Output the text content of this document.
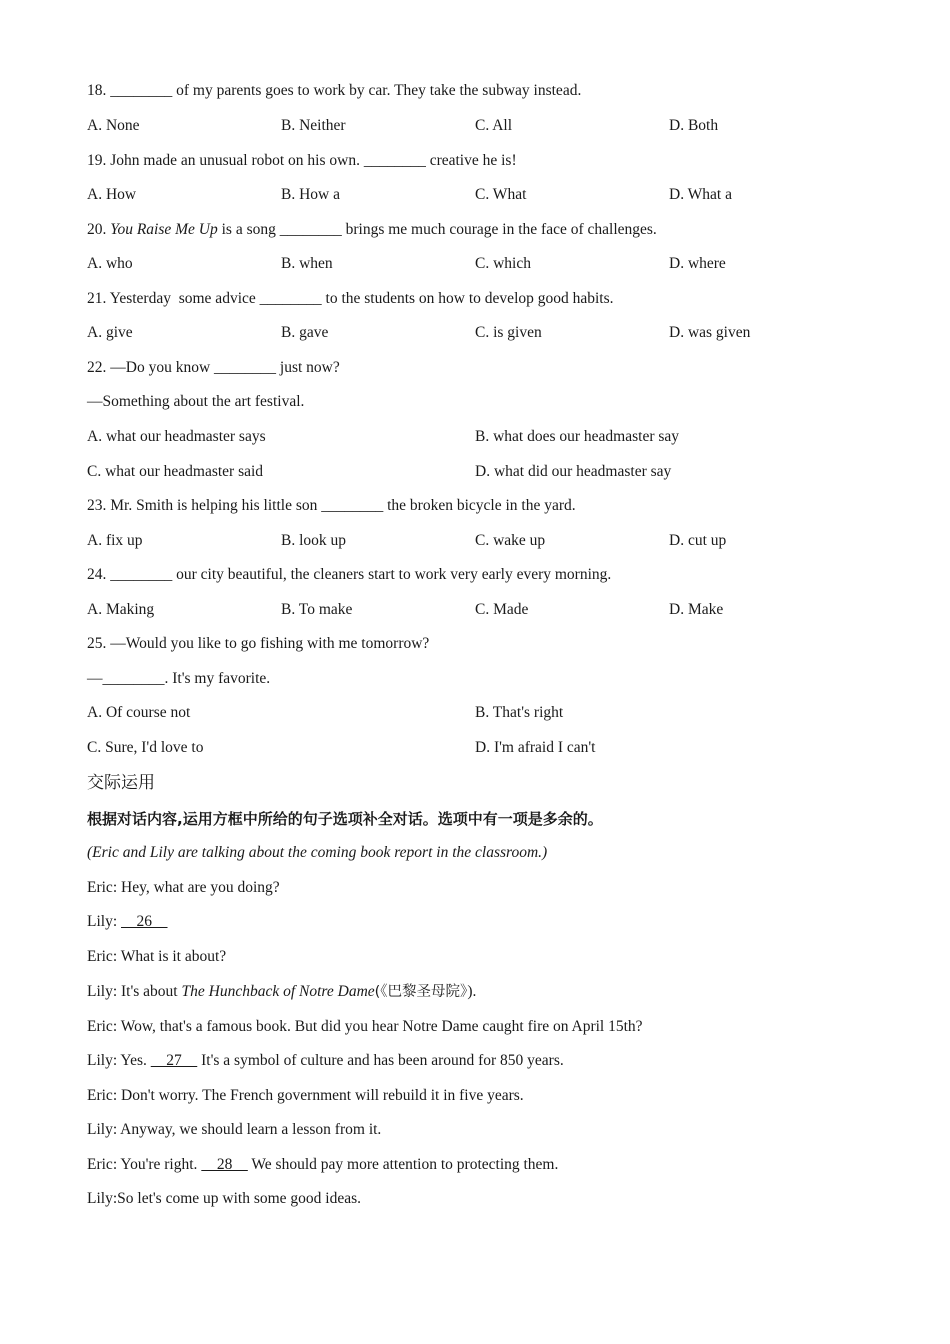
18. ________ of my parents goes to work by car. They take the subway instead.
A. None	B. Neither	C. All	D. Both
19. John made an unusual robot on his own. ________ creative he is!
A. How	B. How a	C. What	D. What a
20. You Raise Me Up is a song ________ brings me much courage in the face of challenges.
A. who	B. when	C. which	D. where
21. Yesterday  some advice ________ to the students on how to develop good habits.
A. give	B. gave	C. is given	D. was given
22. —Do you know ________ just now?
—Something about the art festival.
A. what our headmaster says	B. what does our headmaster say
C. what our headmaster said	D. what did our headmaster say
23. Mr. Smith is helping his little son ________ the broken bicycle in the yard.
A. fix up	B. look up	C. wake up	D. cut up
24. ________ our city beautiful, the cleaners start to work very early every morning.
A. Making	B. To make	C. Made	D. Make
25. —Would you like to go fishing with me tomorrow?
—________. It's my favorite.
A. Of course not	B. That's right
C. Sure, I'd love to	D. I'm afraid I can't
交际运用
根据对话内容,运用方框中所给的句子选项补全对话。选项中有一项是多余的。
(Eric and Lily are talking about the coming book report in the classroom.)
Eric: Hey, what are you doing?
Lily:     26
Eric: What is it about?
Lily: It's about The Hunchback of Notre Dame(《巴黎圣母院》).
Eric: Wow, that's a famous book. But did you hear Notre Dame caught fire on April 15th?
Lily: Yes.     27     It's a symbol of culture and has been around for 850 years.
Eric: Don't worry. The French government will rebuild it in five years.
Lily: Anyway, we should learn a lesson from it.
Eric: You're right.     28     We should pay more attention to protecting them.
Lily:So let's come up with some good ideas.
